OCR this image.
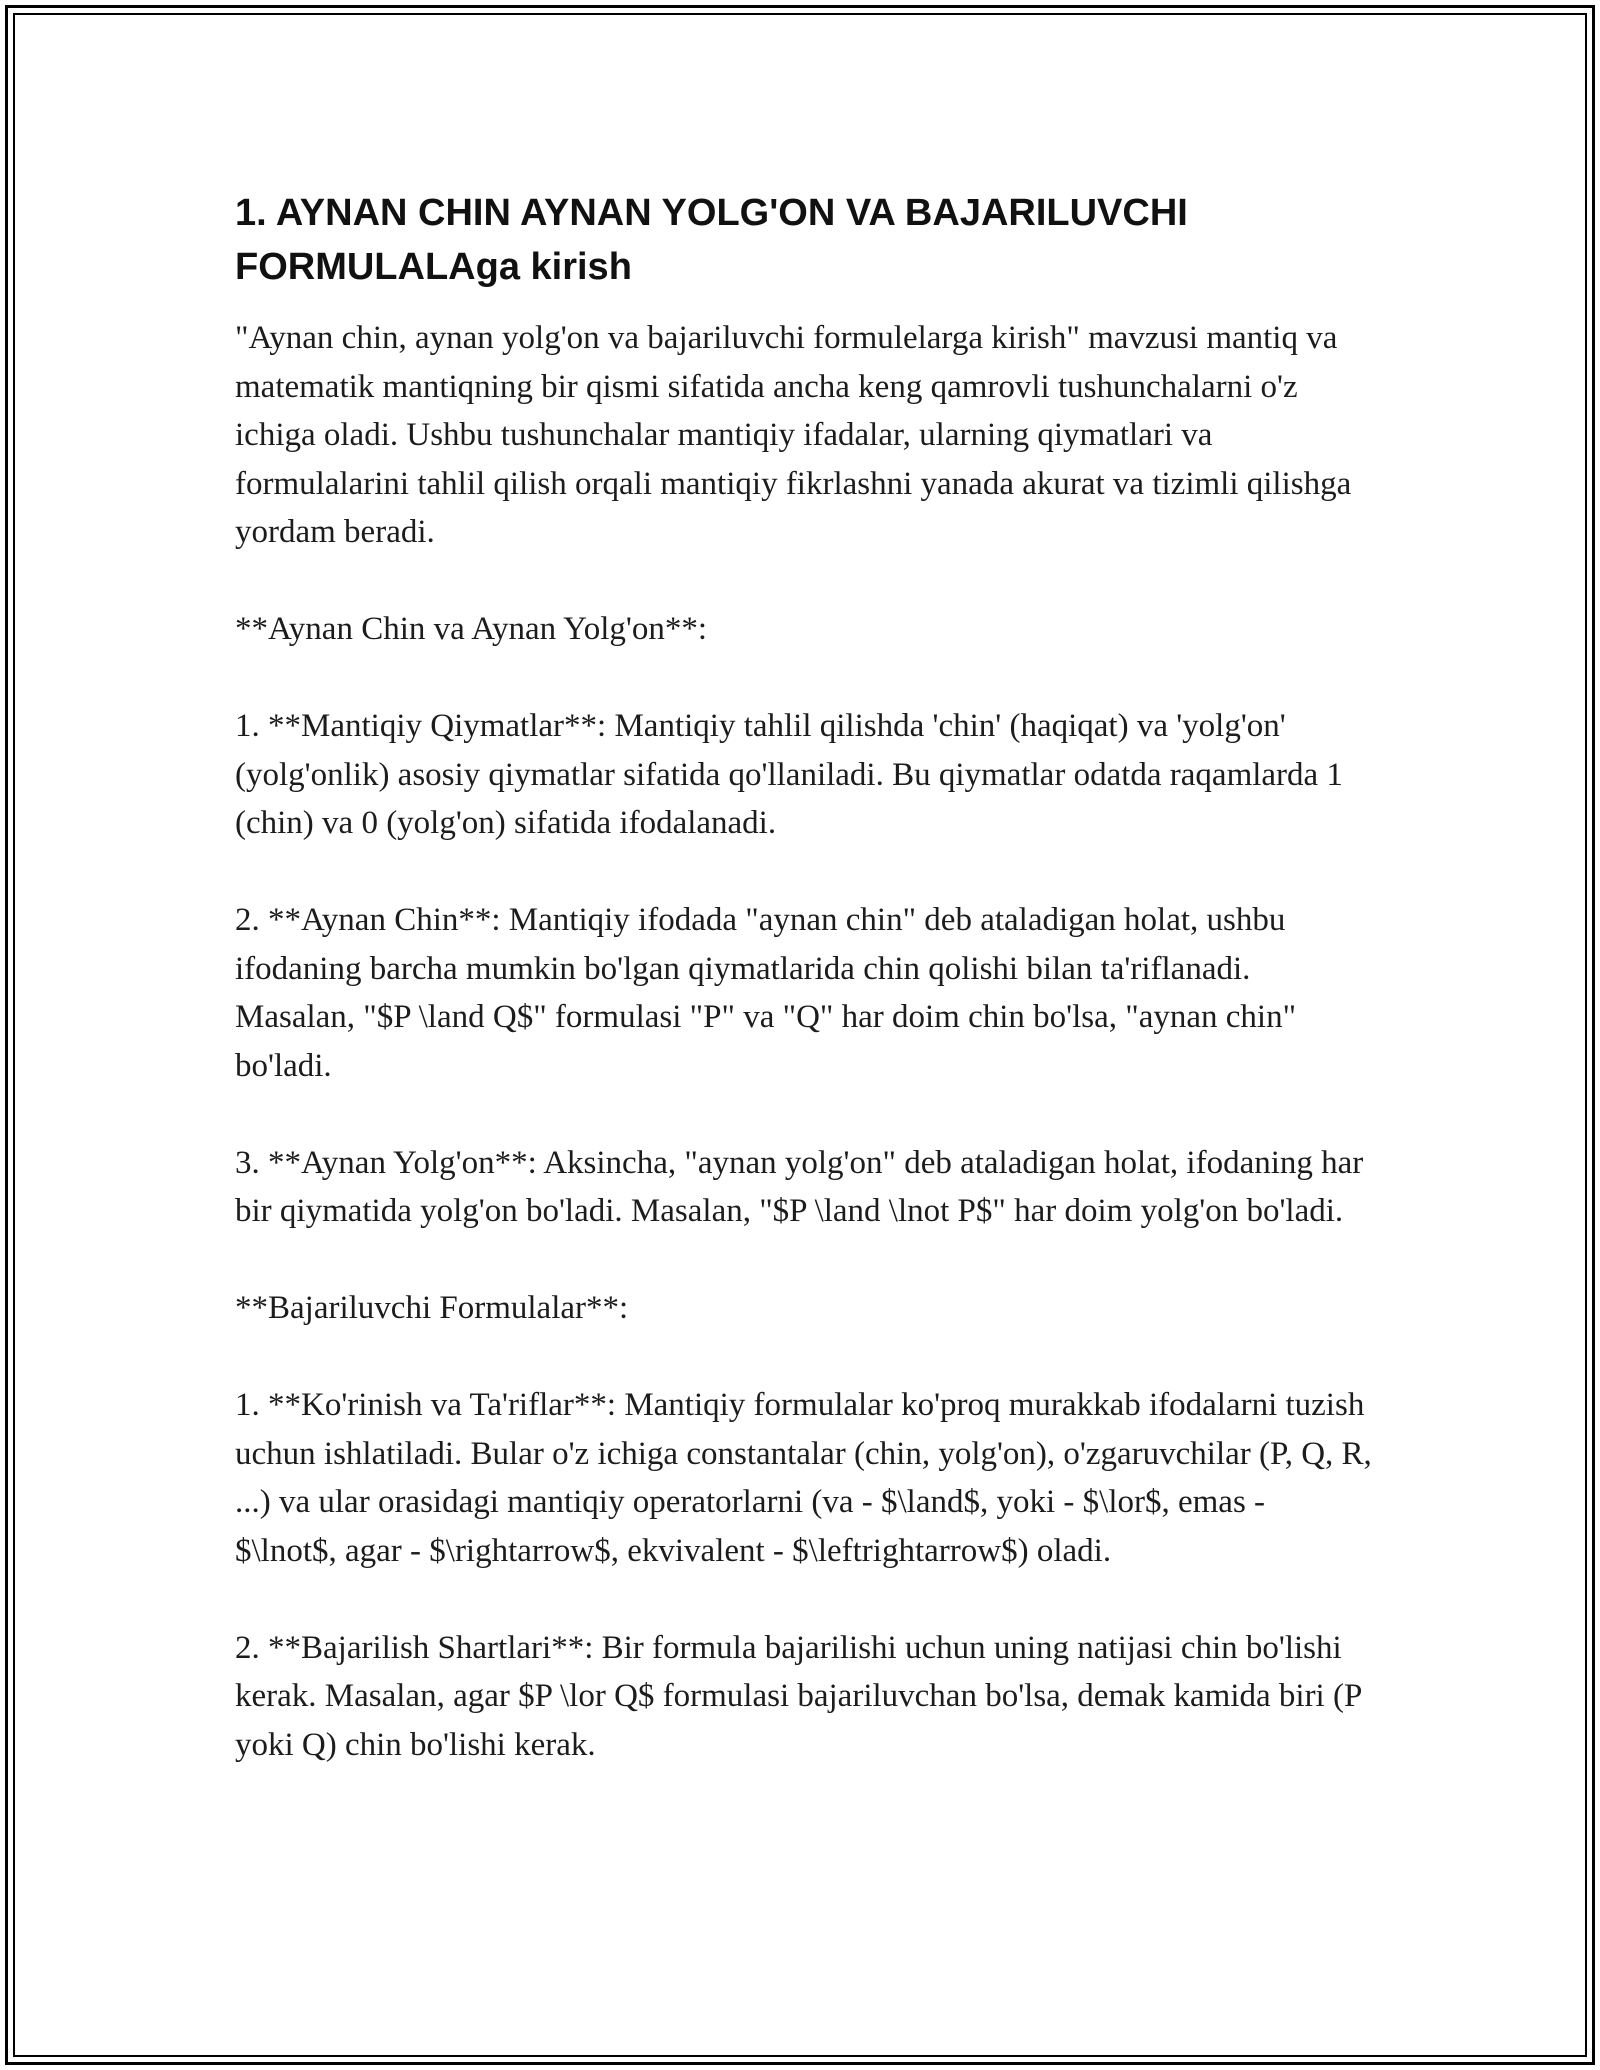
1. AYNAN CHIN AYNAN YOLG'ON VA BAJARILUVCHI FORMULALAga kirish

"Aynan chin, aynan yolg'on va bajariluvchi formulelarga kirish" mavzusi mantiq va matematik mantiqning bir qismi sifatida ancha keng qamrovli tushunchalarni o'z ichiga oladi. Ushbu tushunchalar mantiqiy ifadalar, ularning qiymatlari va formulalarini tahlil qilish orqali mantiqiy fikrlashni yanada akurat va tizimli qilishga yordam beradi.

**Aynan Chin va Aynan Yolg'on**:

1. **Mantiqiy Qiymatlar**: Mantiqiy tahlil qilishda 'chin' (haqiqat) va 'yolg'on' (yolg'onlik) asosiy qiymatlar sifatida qo'llaniladi. Bu qiymatlar odatda raqamlarda 1 (chin) va 0 (yolg'on) sifatida ifodalanadi.

2. **Aynan Chin**: Mantiqiy ifodada "aynan chin" deb ataladigan holat, ushbu ifodaning barcha mumkin bo'lgan qiymatlarida chin qolishi bilan ta'riflanadi. Masalan, "$P \land Q$" formulasi "P" va "Q" har doim chin bo'lsa, "aynan chin" bo'ladi.

3. **Aynan Yolg'on**: Aksincha, "aynan yolg'on" deb ataladigan holat, ifodaning har bir qiymatida yolg'on bo'ladi. Masalan, "$P \land \lnot P$" har doim yolg'on bo'ladi.

**Bajariluvchi Formulalar**:

1. **Ko'rinish va Ta'riflar**: Mantiqiy formulalar ko'proq murakkab ifodalarni tuzish uchun ishlatiladi. Bular o'z ichiga constantalar (chin, yolg'on), o'zgaruvchilar (P, Q, R, ...) va ular orasidagi mantiqiy operatorlarni (va - $\land$, yoki - $\lor$, emas - $\lnot$, agar - $\rightarrow$, ekvivalent - $\leftrightarrow$) oladi.

2. **Bajarilish Shartlari**: Bir formula bajarilishi uchun uning natijasi chin bo'lishi kerak. Masalan, agar $P \lor Q$ formulasi bajariluvchan bo'lsa, demak kamida biri (P yoki Q) chin bo'lishi kerak.
